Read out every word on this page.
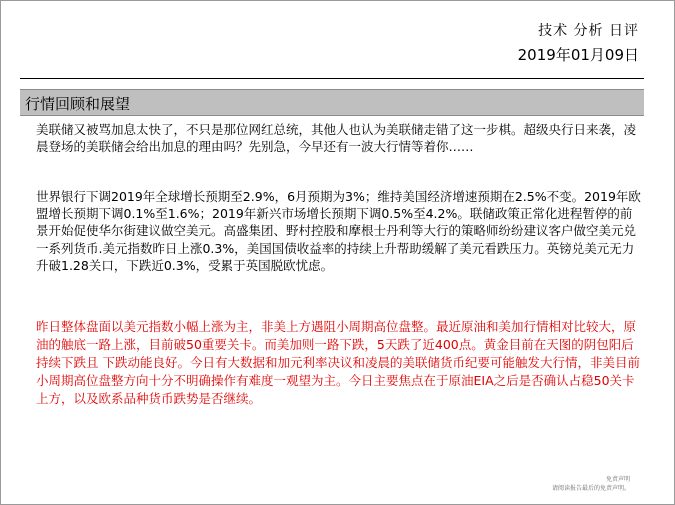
技术 分析 日评
2019年01月09日
行情回顾和展望

美联储又被骂加息太快了，不只是那位网红总统，其他人也认为美联储走错了这一步棋。超级央行日来袭，凌晨登场的美联储会给出加息的理由吗？先别急，今早还有一波大行情等着你……

世界银行下调2019年全球增长预期至2.9%，6月预期为3%；维持美国经济增速预期在2.5%不变。2019年欧盟增长预期下调0.1%至1.6%；2019年新兴市场增长预期下调0.5%至4.2%。联储政策正常化进程暂停的前景开始促使华尔街建议做空美元。高盛集团、野村控股和摩根士丹利等大行的策略师纷纷建议客户做空美元兑一系列货币.美元指数昨日上涨0.3%，美国国债收益率的持续上升帮助缓解了美元看跌压力。英镑兑美元无力升破1.28关口，下跌近0.3%，受累于英国脱欧忧虑。

昨日整体盘面以美元指数小幅上涨为主，非美上方遇阻小周期高位盘整。最近原油和美加行情相对比较大，原油的触底一路上涨，目前破50重要关卡。而美加则一路下跌，5天跌了近400点。黄金目前在天图的阴包阳后持续下跌且 下跌动能良好。今日有大数据和加元利率决议和凌晨的美联储货币纪要可能触发大行情，非美目前小周期高位盘整方向十分不明确操作有难度一观望为主。今日主要焦点在于原油EIA之后是否确认占稳50关卡上方，以及欧系品种货币跌势是否继续。

免责声明
请阅读报告最后的免责声明。
